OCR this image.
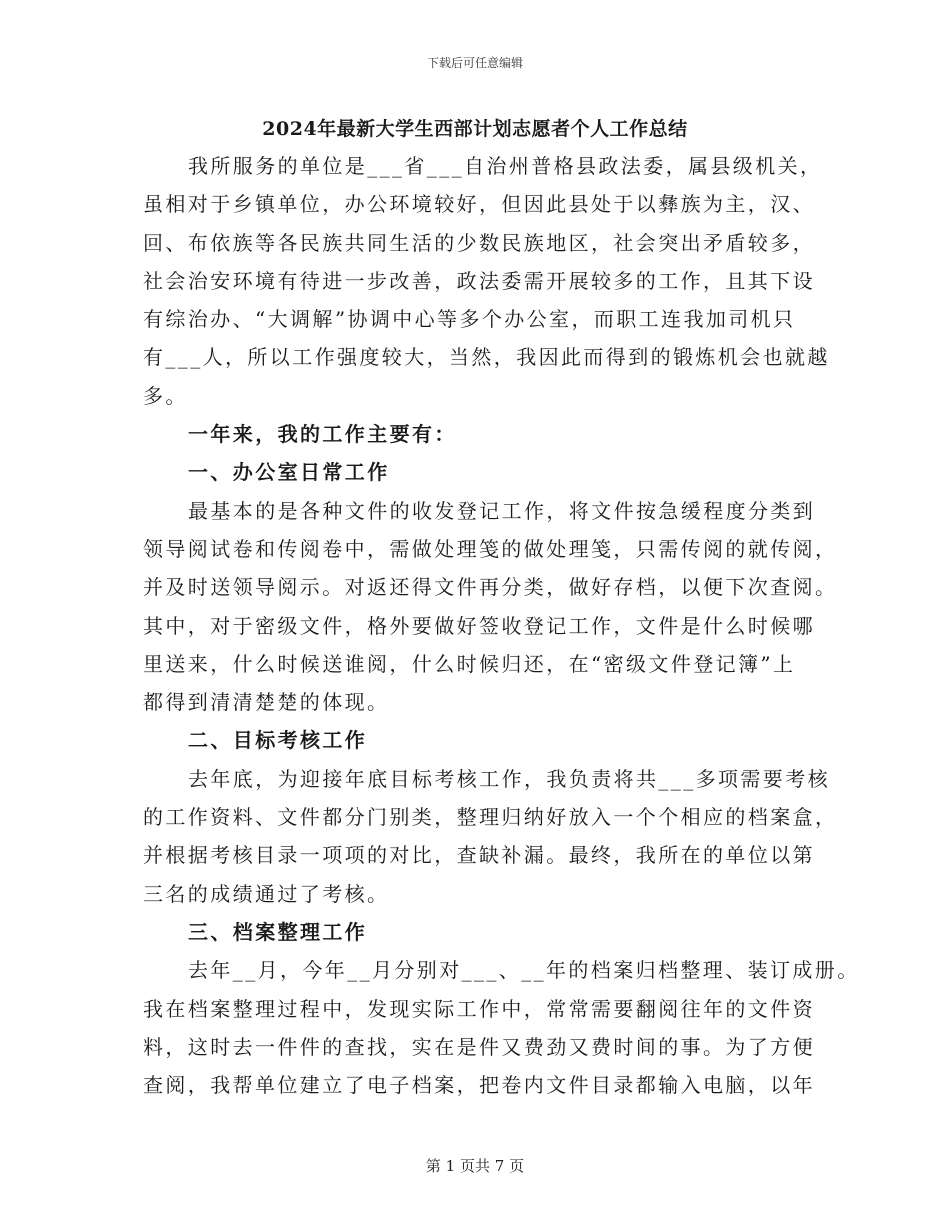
下载后可任意编辑
2024年最新大学生西部计划志愿者个人工作总结
我所服务的单位是___省___自治州普格县政法委，属县级机关，
虽相对于乡镇单位，办公环境较好，但因此县处于以彝族为主，汉、
回、布依族等各民族共同生活的少数民族地区，社会突出矛盾较多，
社会治安环境有待进一步改善，政法委需开展较多的工作，且其下设
有综治办、“大调解”协调中心等多个办公室，而职工连我加司机只
有___人，所以工作强度较大，当然，我因此而得到的锻炼机会也就越
多。
一年来，我的工作主要有：
一、办公室日常工作
最基本的是各种文件的收发登记工作，将文件按急缓程度分类到
领导阅试卷和传阅卷中，需做处理笺的做处理笺，只需传阅的就传阅，
并及时送领导阅示。对返还得文件再分类，做好存档，以便下次查阅。
其中，对于密级文件，格外要做好签收登记工作，文件是什么时候哪
里送来，什么时候送谁阅，什么时候归还，在“密级文件登记簿”上
都得到清清楚楚的体现。
二、目标考核工作
去年底，为迎接年底目标考核工作，我负责将共___多项需要考核
的工作资料、文件都分门别类，整理归纳好放入一个个相应的档案盒，
并根据考核目录一项项的对比，查缺补漏。最终，我所在的单位以第
三名的成绩通过了考核。
三、档案整理工作
去年__月，今年__月分别对___、__年的档案归档整理、装订成册。
我在档案整理过程中，发现实际工作中，常常需要翻阅往年的文件资
料，这时去一件件的查找，实在是件又费劲又费时间的事。为了方便
查阅，我帮单位建立了电子档案，把卷内文件目录都输入电脑，以年
第 1 页共 7 页
